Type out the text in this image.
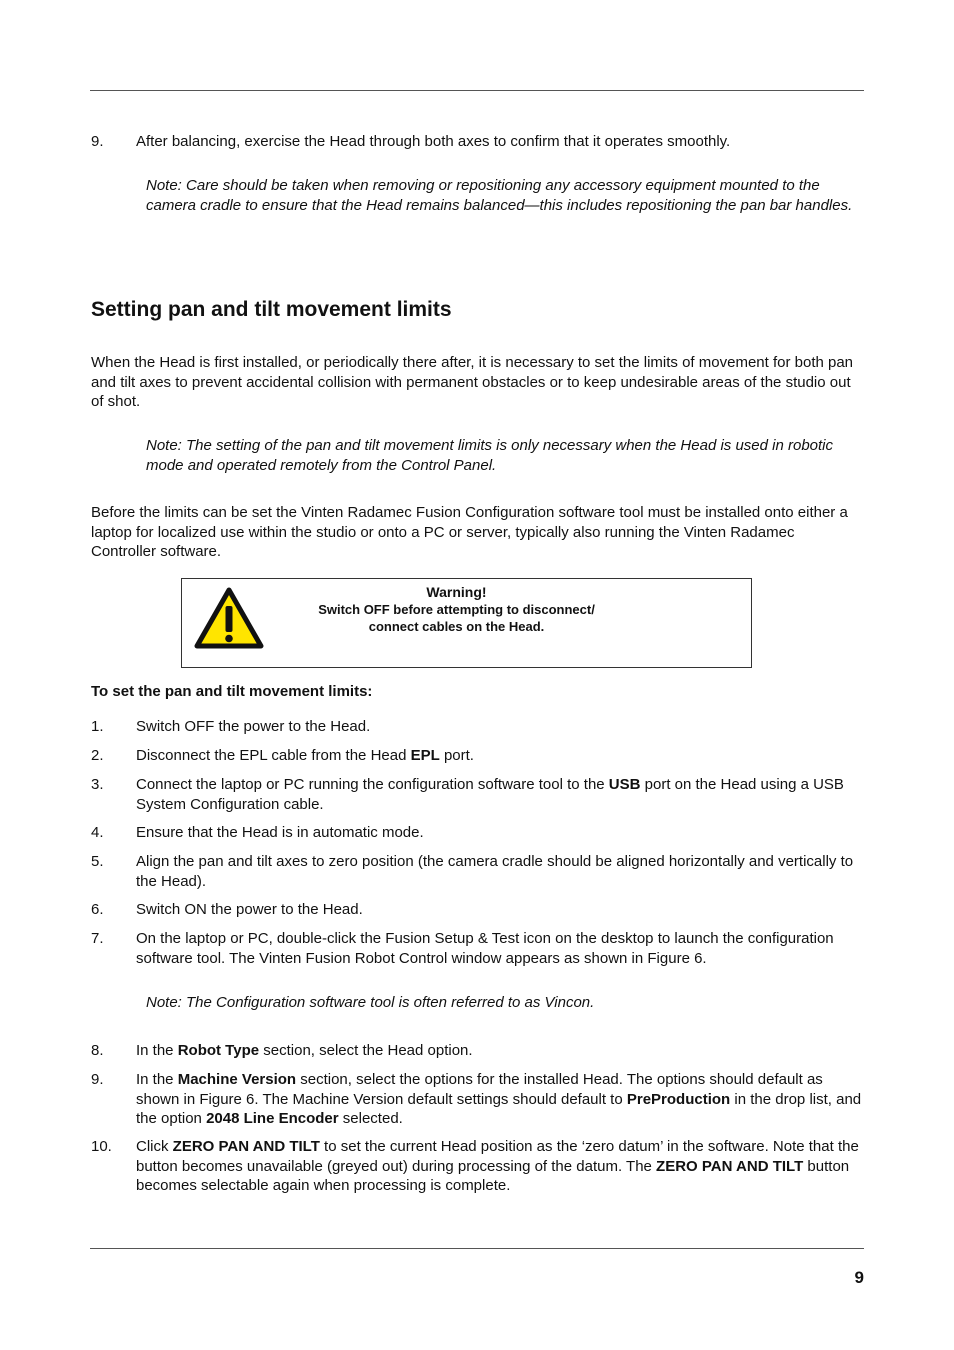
9. After balancing, exercise the Head through both axes to confirm that it operates smoothly.
Note: Care should be taken when removing or repositioning any accessory equipment mounted to the camera cradle to ensure that the Head remains balanced—this includes repositioning the pan bar handles.
Setting pan and tilt movement limits
When the Head is first installed, or periodically there after, it is necessary to set the limits of movement for both pan and tilt axes to prevent accidental collision with permanent obstacles or to keep undesirable areas of the studio out of shot.
Note: The setting of the pan and tilt movement limits is only necessary when the Head is used in robotic mode and operated remotely from the Control Panel.
Before the limits can be set the Vinten Radamec Fusion Configuration software tool must be installed onto either a laptop for localized use within the studio or onto a PC or server, typically also running the Vinten Radamec Controller software.
Warning!
Switch OFF before attempting to disconnect/
connect cables on the Head.
To set the pan and tilt movement limits:
1. Switch OFF the power to the Head.
2. Disconnect the EPL cable from the Head EPL port.
3. Connect the laptop or PC running the configuration software tool to the USB port on the Head using a USB System Configuration cable.
4. Ensure that the Head is in automatic mode.
5. Align the pan and tilt axes to zero position (the camera cradle should be aligned horizontally and vertically to the Head).
6. Switch ON the power to the Head.
7. On the laptop or PC, double-click the Fusion Setup & Test icon on the desktop to launch the configuration software tool. The Vinten Fusion Robot Control window appears as shown in Figure 6.
Note: The Configuration software tool is often referred to as Vincon.
8. In the Robot Type section, select the Head option.
9. In the Machine Version section, select the options for the installed Head. The options should default as shown in Figure 6. The Machine Version default settings should default to PreProduction in the drop list, and the option 2048 Line Encoder selected.
10. Click ZERO PAN AND TILT to set the current Head position as the ‘zero datum’ in the software. Note that the button becomes unavailable (greyed out) during processing of the datum. The ZERO PAN AND TILT button becomes selectable again when processing is complete.
9
